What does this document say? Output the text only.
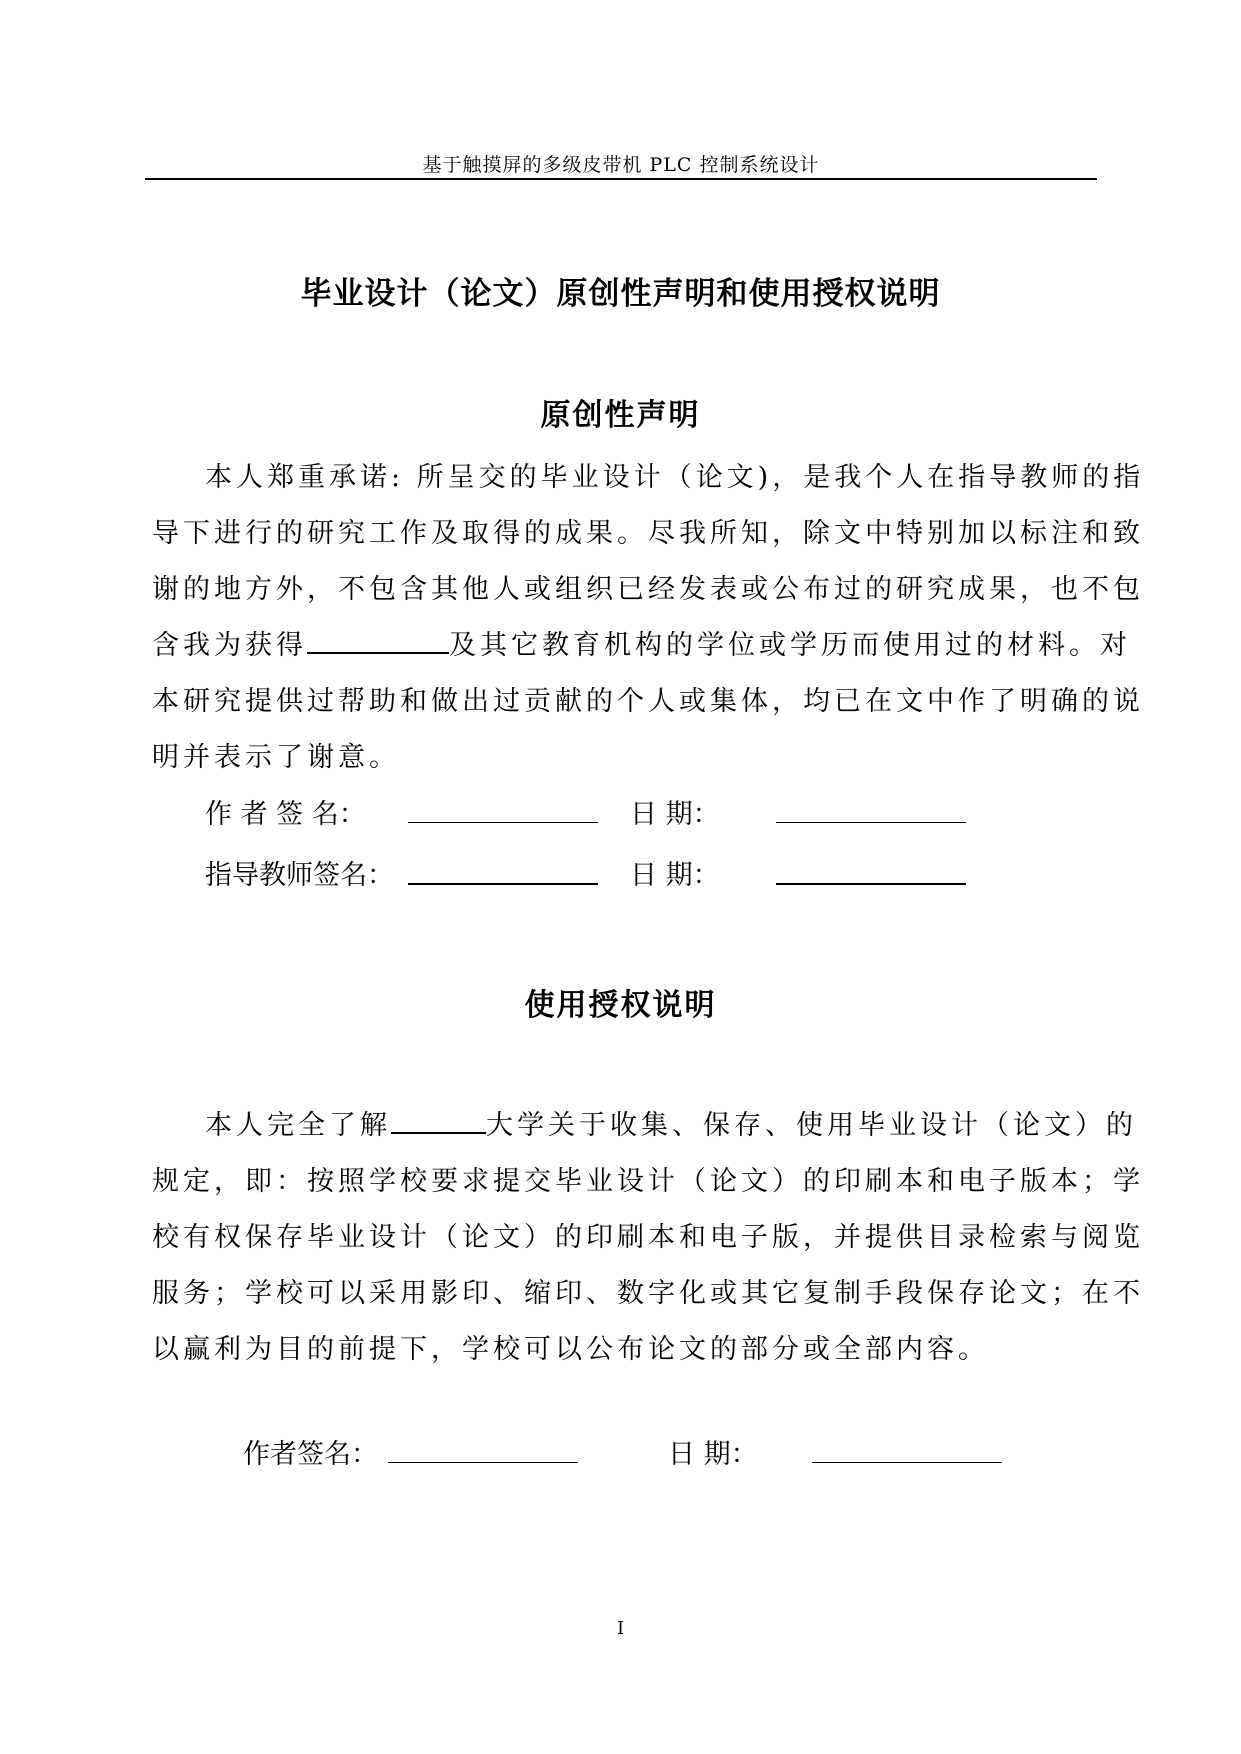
基于触摸屏的多级皮带机 PLC 控制系统设计
毕业设计（论文）原创性声明和使用授权说明
原创性声明
本人郑重承诺: 所呈交的毕业设计（论文)，是我个人在指导教师的指
导下进行的研究工作及取得的成果。尽我所知，除文中特别加以标注和致
谢的地方外，不包含其他人或组织已经发表或公布过的研究成果，也不包
含我为获得	及其它教育机构的学位或学历而使用过的材料。对
本研究提供过帮助和做出过贡献的个人或集体，均已在文中作了明确的说
明并表示了谢意。
作 者 签 名：	日 期：
指导教师签名：	日 期：
使用授权说明
本人完全了解	大学关于收集、保存、使用毕业设计（论文）的
规定，即：按照学校要求提交毕业设计（论文）的印刷本和电子版本；学
校有权保存毕业设计（论文）的印刷本和电子版，并提供目录检索与阅览
服务；学校可以采用影印、缩印、数字化或其它复制手段保存论文；在不
以赢利为目的前提下，学校可以公布论文的部分或全部内容。
作者签名：	日 期：
I
